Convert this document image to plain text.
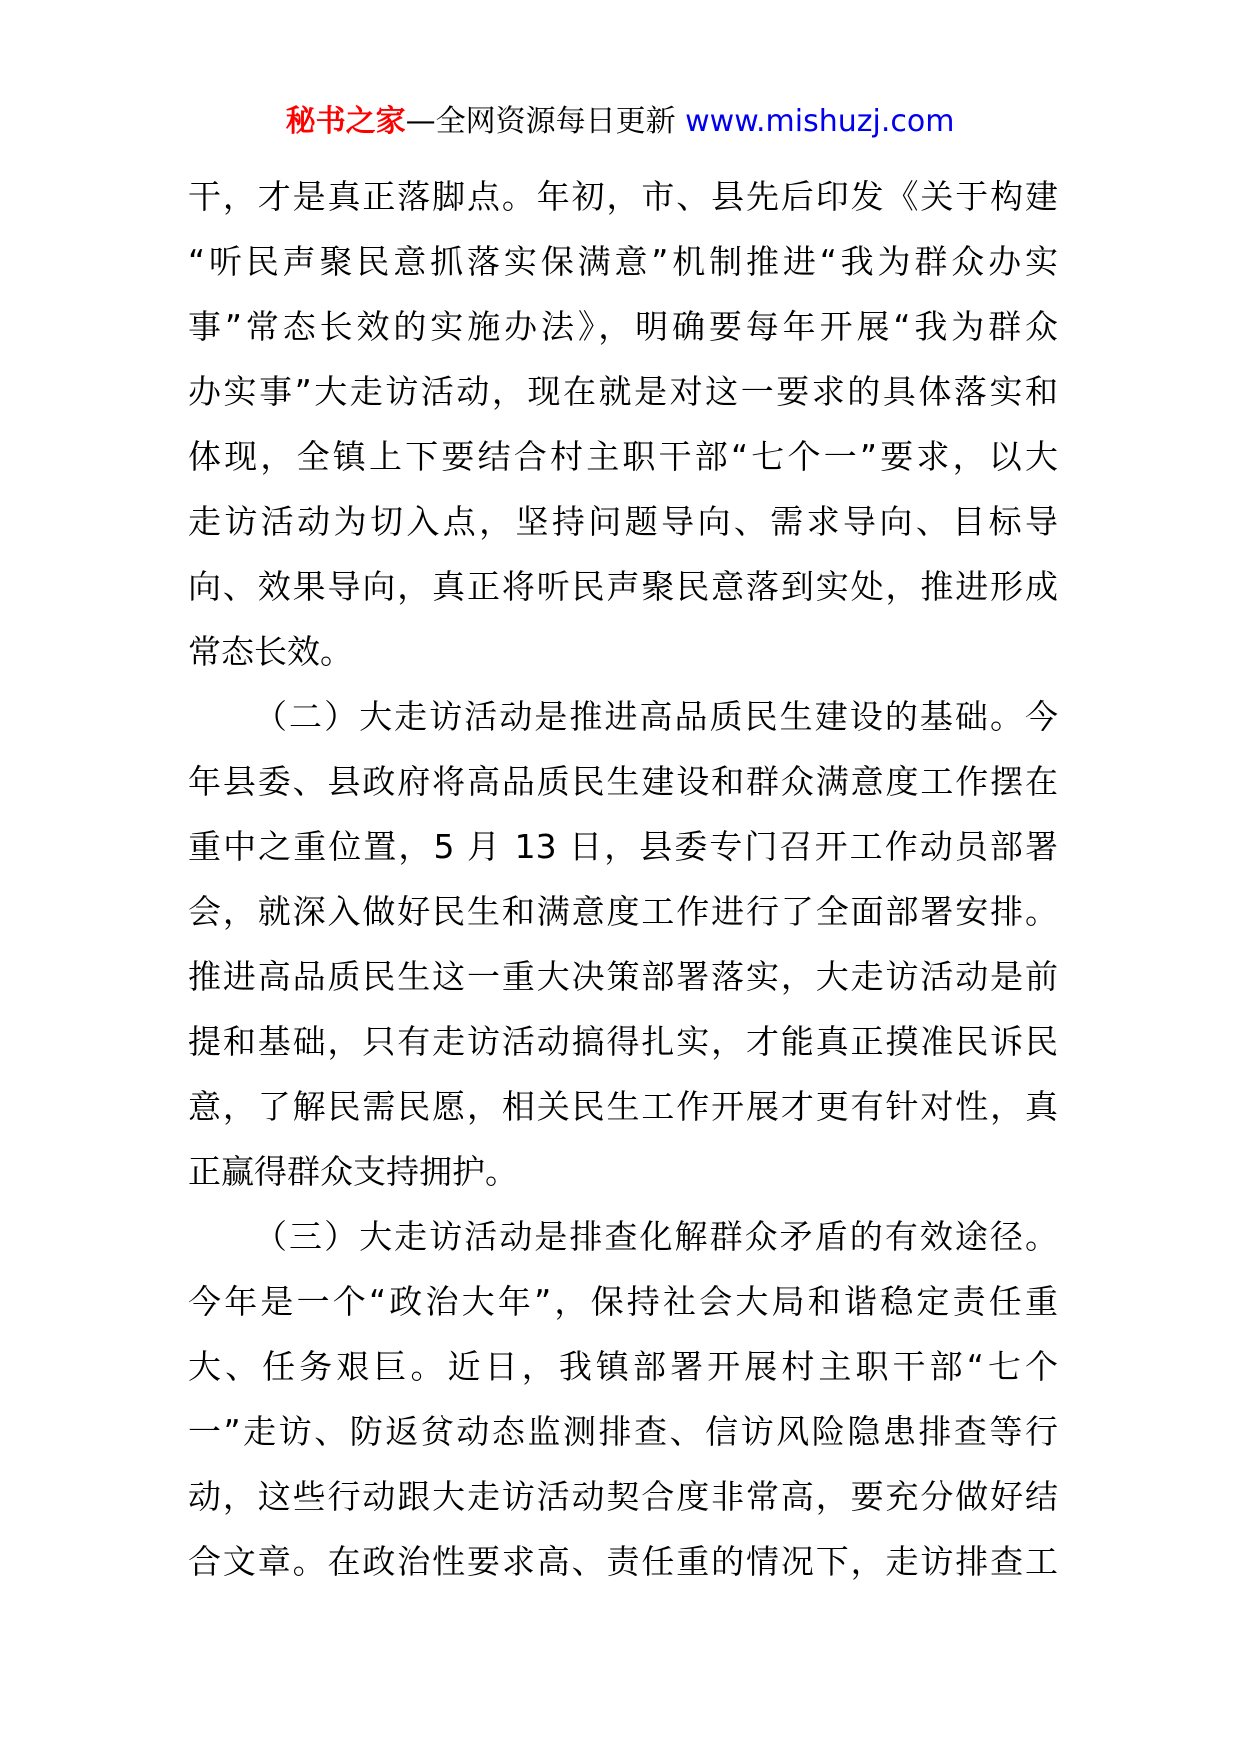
秘书之家—全网资源每日更新 www.mishuzj.com
干，才是真正落脚点。年初，市、县先后印发《关于构建
“听民声聚民意抓落实保满意”机制推进“我为群众办实
事”常态长效的实施办法》，明确要每年开展“我为群众
办实事”大走访活动，现在就是对这一要求的具体落实和
体现，全镇上下要结合村主职干部“七个一”要求，以大
走访活动为切入点，坚持问题导向、需求导向、目标导
向、效果导向，真正将听民声聚民意落到实处，推进形成
常态长效。
（二）大走访活动是推进高品质民生建设的基础。今
年县委、县政府将高品质民生建设和群众满意度工作摆在
重中之重位置，5 月 13 日，县委专门召开工作动员部署
会，就深入做好民生和满意度工作进行了全面部署安排。
推进高品质民生这一重大决策部署落实，大走访活动是前
提和基础，只有走访活动搞得扎实，才能真正摸准民诉民
意，了解民需民愿，相关民生工作开展才更有针对性，真
正赢得群众支持拥护。
（三）大走访活动是排查化解群众矛盾的有效途径。
今年是一个“政治大年”，保持社会大局和谐稳定责任重
大、任务艰巨。近日，我镇部署开展村主职干部“七个
一”走访、防返贫动态监测排查、信访风险隐患排查等行
动，这些行动跟大走访活动契合度非常高，要充分做好结
合文章。在政治性要求高、责任重的情况下，走访排查工
